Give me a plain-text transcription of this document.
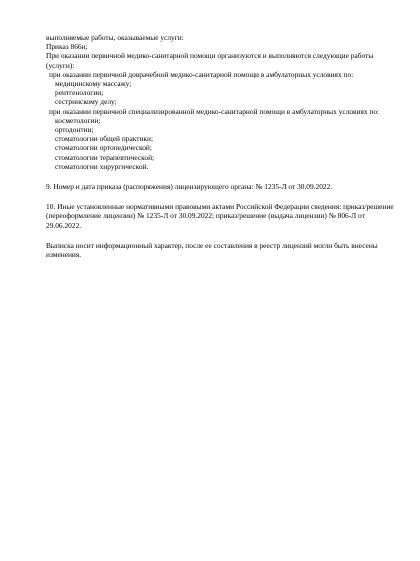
выполняемые работы, оказываемые услуги:
Приказ 866н;
При оказании первичной медико-санитарной помощи организуются и выполняются следующие работы (услуги):
при оказании первичной доврачебной медико-санитарной помощи в амбулаторных условиях по:
медицинскому массажу;
рентгенологии;
сестринскому делу;
при оказании первичной специализированной медико-санитарной помощи в амбулаторных условиях по:
косметологии;
ортодонтии;
стоматологии общей практики;
стоматологии ортопедической;
стоматологии терапевтической;
стоматологии хирургической.
9. Номер и дата приказа (распоряжения) лицензирующего органа: № 1235-Л от 30.09.2022.
10. Иные установленные нормативными правовыми актами Российской Федерации сведения: приказ/решение (переоформление лицензии) № 1235-Л от 30.09.2022; приказ/решение (выдача лицензии) № 806-Л от 29.06.2022.
Выписка носит информационный характер, после ее составления в реестр лицензий могли быть внесены изменения.
